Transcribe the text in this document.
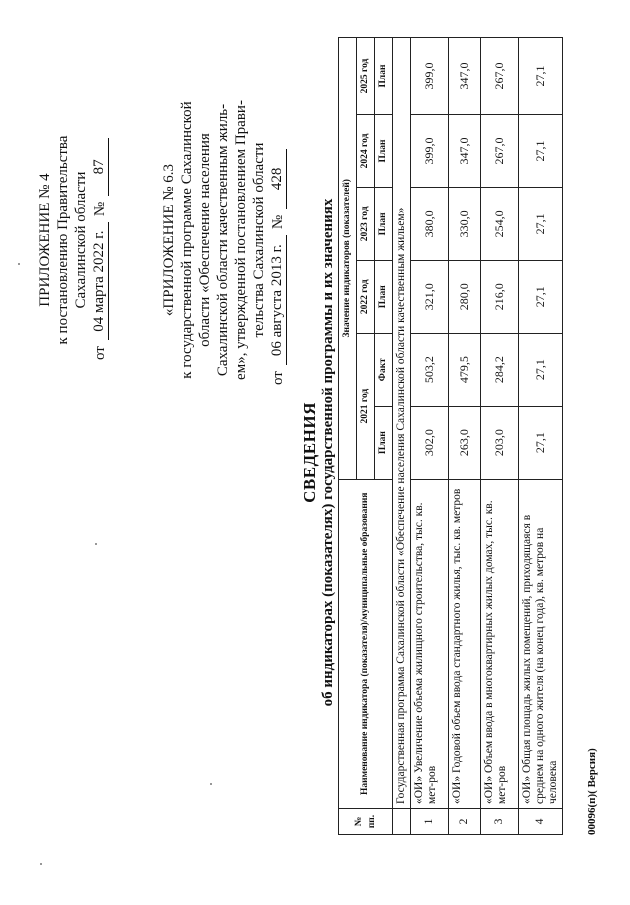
ПРИЛОЖЕНИЕ № 4 к постановлению Правительства Сахалинской области
от
04 марта 2022 г.
№
87	«ПРИЛОЖЕНИЕ № 6.3 к государственной программе Сахалинской области «Обеспечение населения Сахалинской области качественным жиль- ем», утвержденной постановлением Прави- тельства Сахалинской области
от
06 августа 2013 г.
№
428
СВЕДЕНИЯ об индикаторах (показателях) государственной программы и их значениях
№ пп.	Наименование индикатора (показателя)/муниципальные образования	Значение индикаторов (показателей)					
		2021 год		2022 год	2023 год	2024 год	2025 год
		План	Факт	План	План	План	План
	Государственная программа Сахалинской области «Обеспечение населения Сахалинской области качественным жильем»						
1	«ОИ» Увеличение объема жилищного строительства, тыс. кв. мет-ров	302,0	503,2	321,0	380,0	399,0	399,0
2	«ОИ» Годовой объем ввода стандартного жилья, тыс. кв. метров	263,0	479,5	280,0	330,0	347,0	347,0
3	«ОИ» Объем ввода в многоквартирных жилых домах, тыс. кв. мет-ров	203,0	284,2	216,0	254,0	267,0	267,0
4	«ОИ» Общая площадь жилых помещений, приходящаяся в среднем на одного жителя (на конец года), кв. метров на человека	27,1	27,1	27,1	27,1	27,1	27,1
00096(п)( Версия)
